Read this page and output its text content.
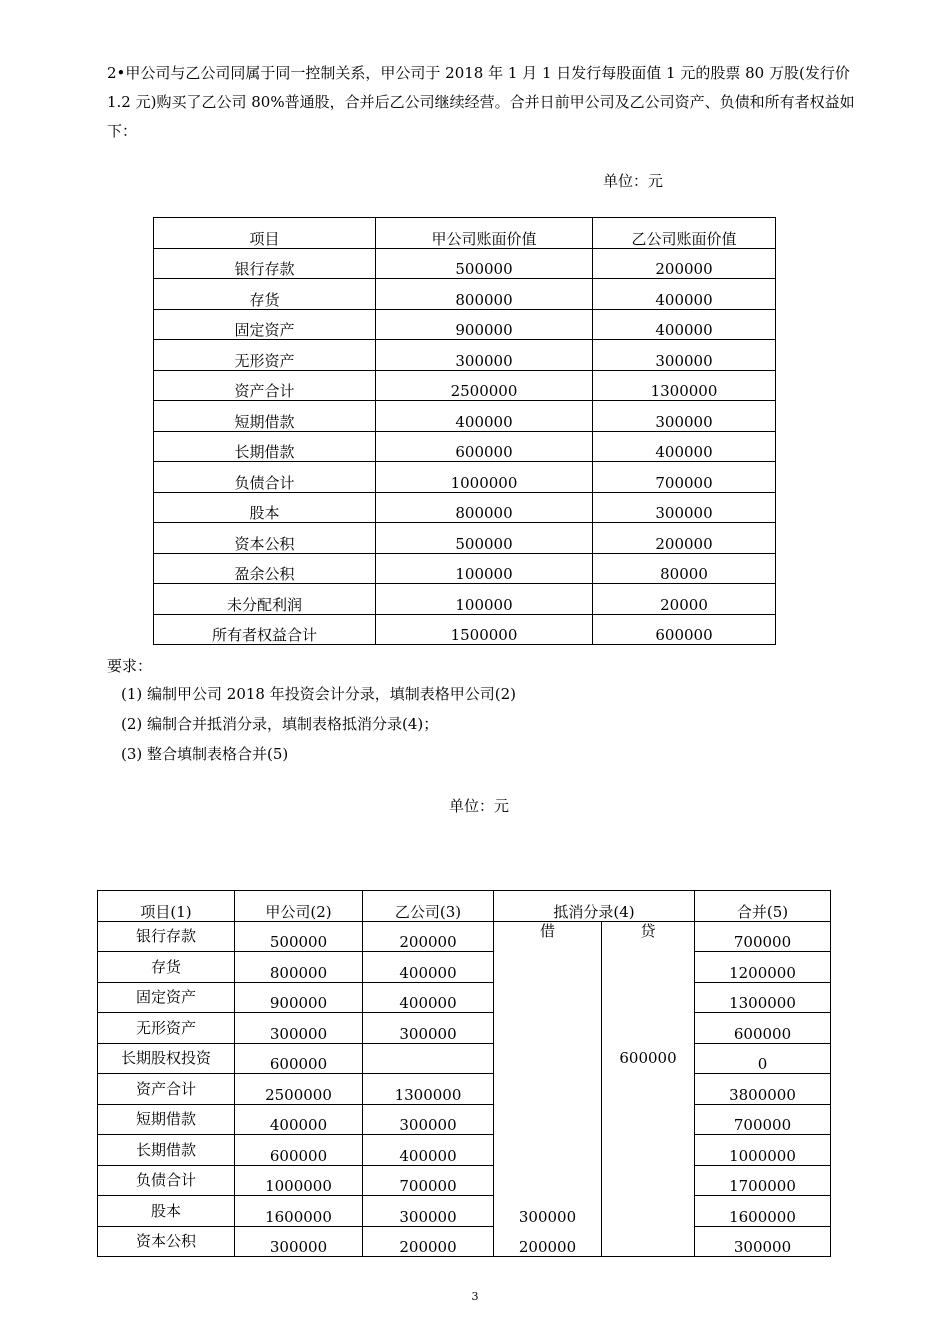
2•甲公司与乙公司同属于同一控制关系，甲公司于 2018 年 1 月 1 日发行每股面值 1 元的股票 80 万股(发行价 1.2 元)购买了乙公司 80%普通股，合并后乙公司继续经营。合并日前甲公司及乙公司资产、负债和所有者权益如下：

单位：元
项目	甲公司账面价值	乙公司账面价值
银行存款	500000	200000
存货	800000	400000
固定资产	900000	400000
无形资产	300000	300000
资产合计	2500000	1300000
短期借款	400000	300000
长期借款	600000	400000
负债合计	1000000	700000
股本	800000	300000
资本公积	500000	200000
盈余公积	100000	80000
未分配利润	100000	20000
所有者权益合计	1500000	600000
要求：
(1) 编制甲公司 2018 年投资会计分录，填制表格甲公司(2)
(2) 编制合并抵消分录，填制表格抵消分录(4)；
(3) 整合填制表格合并(5)
单位：元
项目(1)	甲公司(2)	乙公司(3)	抵消分录(4)		合并(5)
银行存款	500000	200000	借	贷	700000
存货	800000	400000			1200000
固定资产	900000	400000			1300000
无形资产	300000	300000			600000
长期股权投资	600000			600000	0
资产合计	2500000	1300000			3800000
短期借款	400000	300000			700000
长期借款	600000	400000			1000000
负债合计	1000000	700000			1700000
股本	1600000	300000	300000		1600000
资本公积	300000	200000	200000		300000
3
